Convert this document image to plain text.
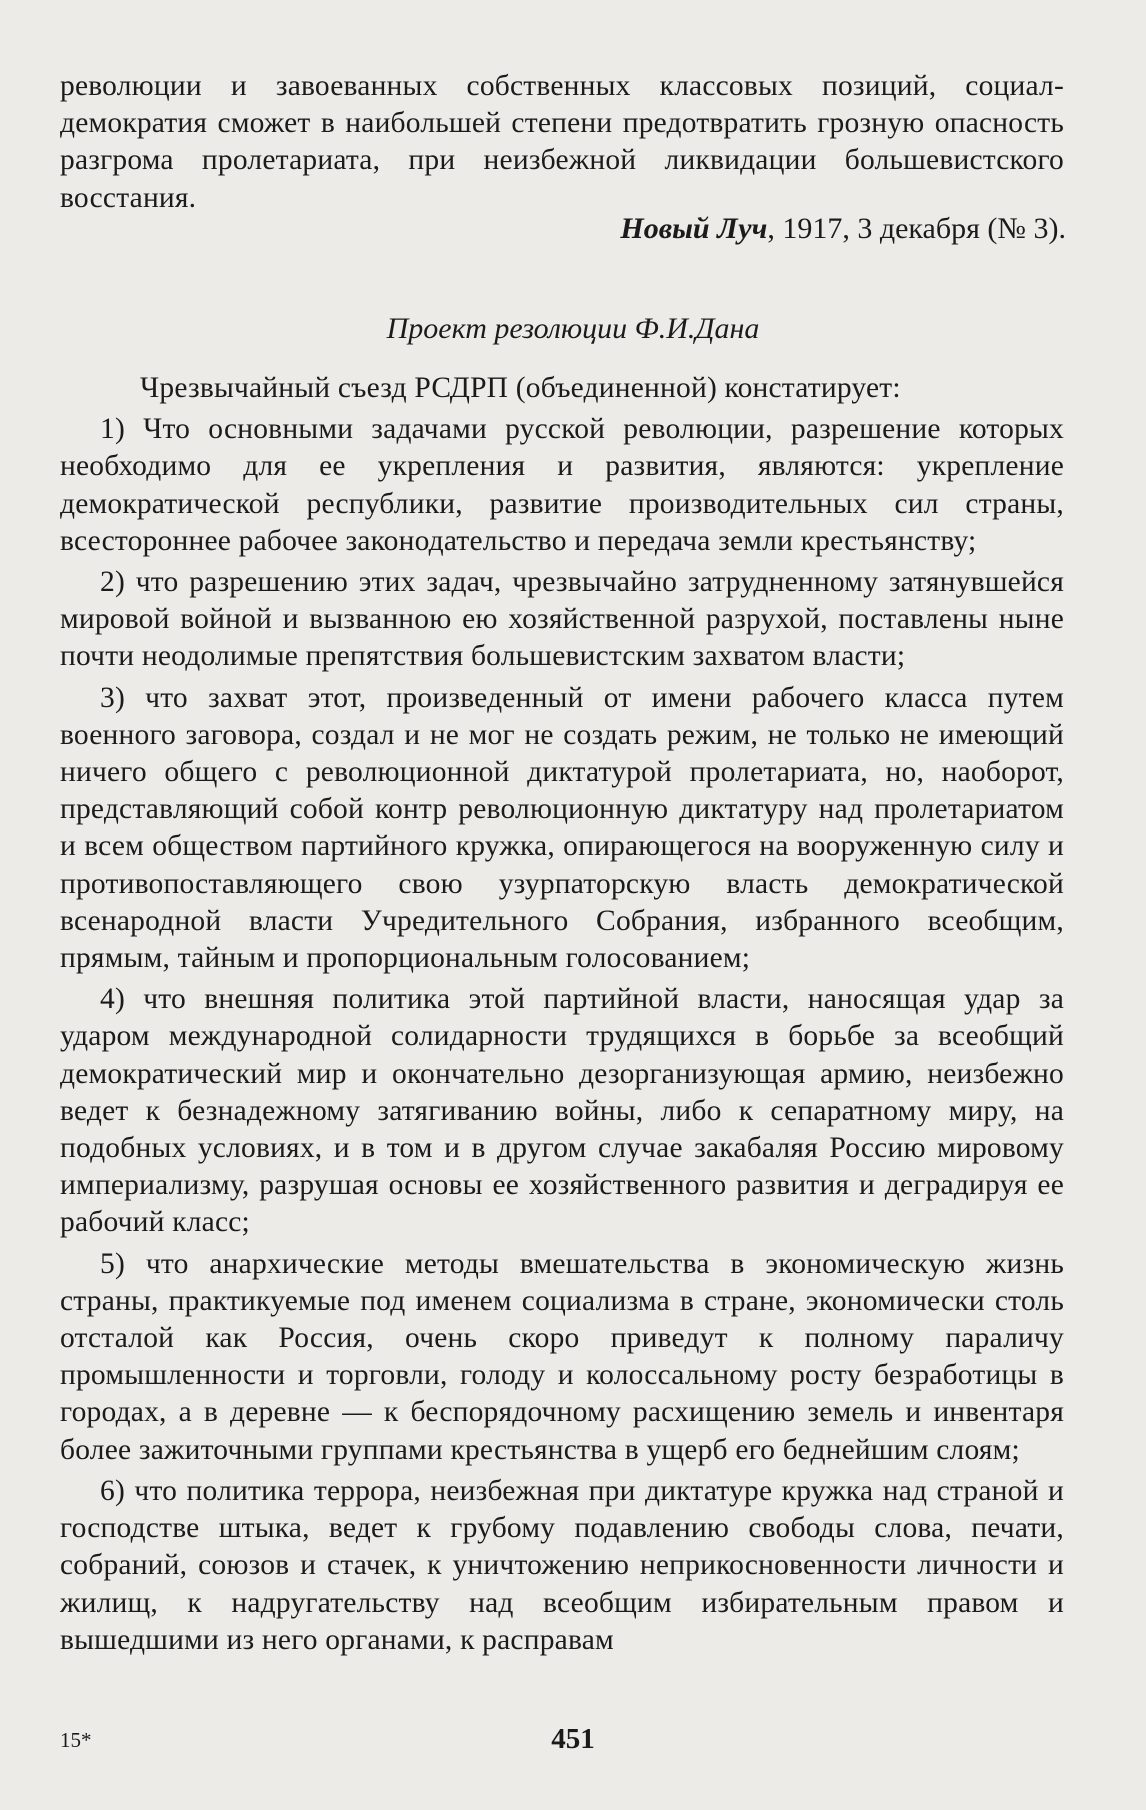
революции и завоеванных собственных классовых позиций, социал-демократия сможет в наибольшей степени предотвратить грозную опасность разгрома пролетариата, при неизбежной ликвидации большевистского восстания.

Новый Луч, 1917, 3 декабря (№ 3).
Проект резолюции Ф.И.Дана

Чрезвычайный съезд РСДРП (объединенной) констатирует:

1) Что основными задачами русской революции, разрешение которых необходимо для ее укрепления и развития, являются: укрепление демократической республики, развитие производительных сил страны, всестороннее рабочее законодательство и передача земли крестьянству;

2) что разрешению этих задач, чрезвычайно затрудненному затянувшейся мировой войной и вызванною ею хозяйственной разрухой, поставлены ныне почти неодолимые препятствия большевистским захватом власти;

3) что захват этот, произведенный от имени рабочего класса путем военного заговора, создал и не мог не создать режим, не только не имеющий ничего общего с революционной диктатурой пролетариата, но, наоборот, представляющий собой контр революционную диктатуру над пролетариатом и всем обществом партийного кружка, опирающегося на вооруженную силу и противопоставляющего свою узурпаторскую власть демократической всенародной власти Учредительного Собрания, избранного всеобщим, прямым, тайным и пропорциональным голосованием;

4) что внешняя политика этой партийной власти, наносящая удар за ударом международной солидарности трудящихся в борьбе за всеобщий демократический мир и окончательно дезорганизующая армию, неизбежно ведет к безнадежному затягиванию войны, либо к сепаратному миру, на подобных условиях, и в том и в другом случае закабаляя Россию мировому империализму, разрушая основы ее хозяйственного развития и деградируя ее рабочий класс;

5) что анархические методы вмешательства в экономическую жизнь страны, практикуемые под именем социализма в стране, экономически столь отсталой как Россия, очень скоро приведут к полному параличу промышленности и торговли, голоду и колоссальному росту безработицы в городах, а в деревне — к беспорядочному расхищению земель и инвентаря более зажиточными группами крестьянства в ущерб его беднейшим слоям;

6) что политика террора, неизбежная при диктатуре кружка над страной и господстве штыка, ведет к грубому подавлению свободы слова, печати, собраний, союзов и стачек, к уничтожению неприкосновенности личности и жилищ, к надругательству над всеобщим избирательным правом и вышедшими из него органами, к расправам

15*	451
